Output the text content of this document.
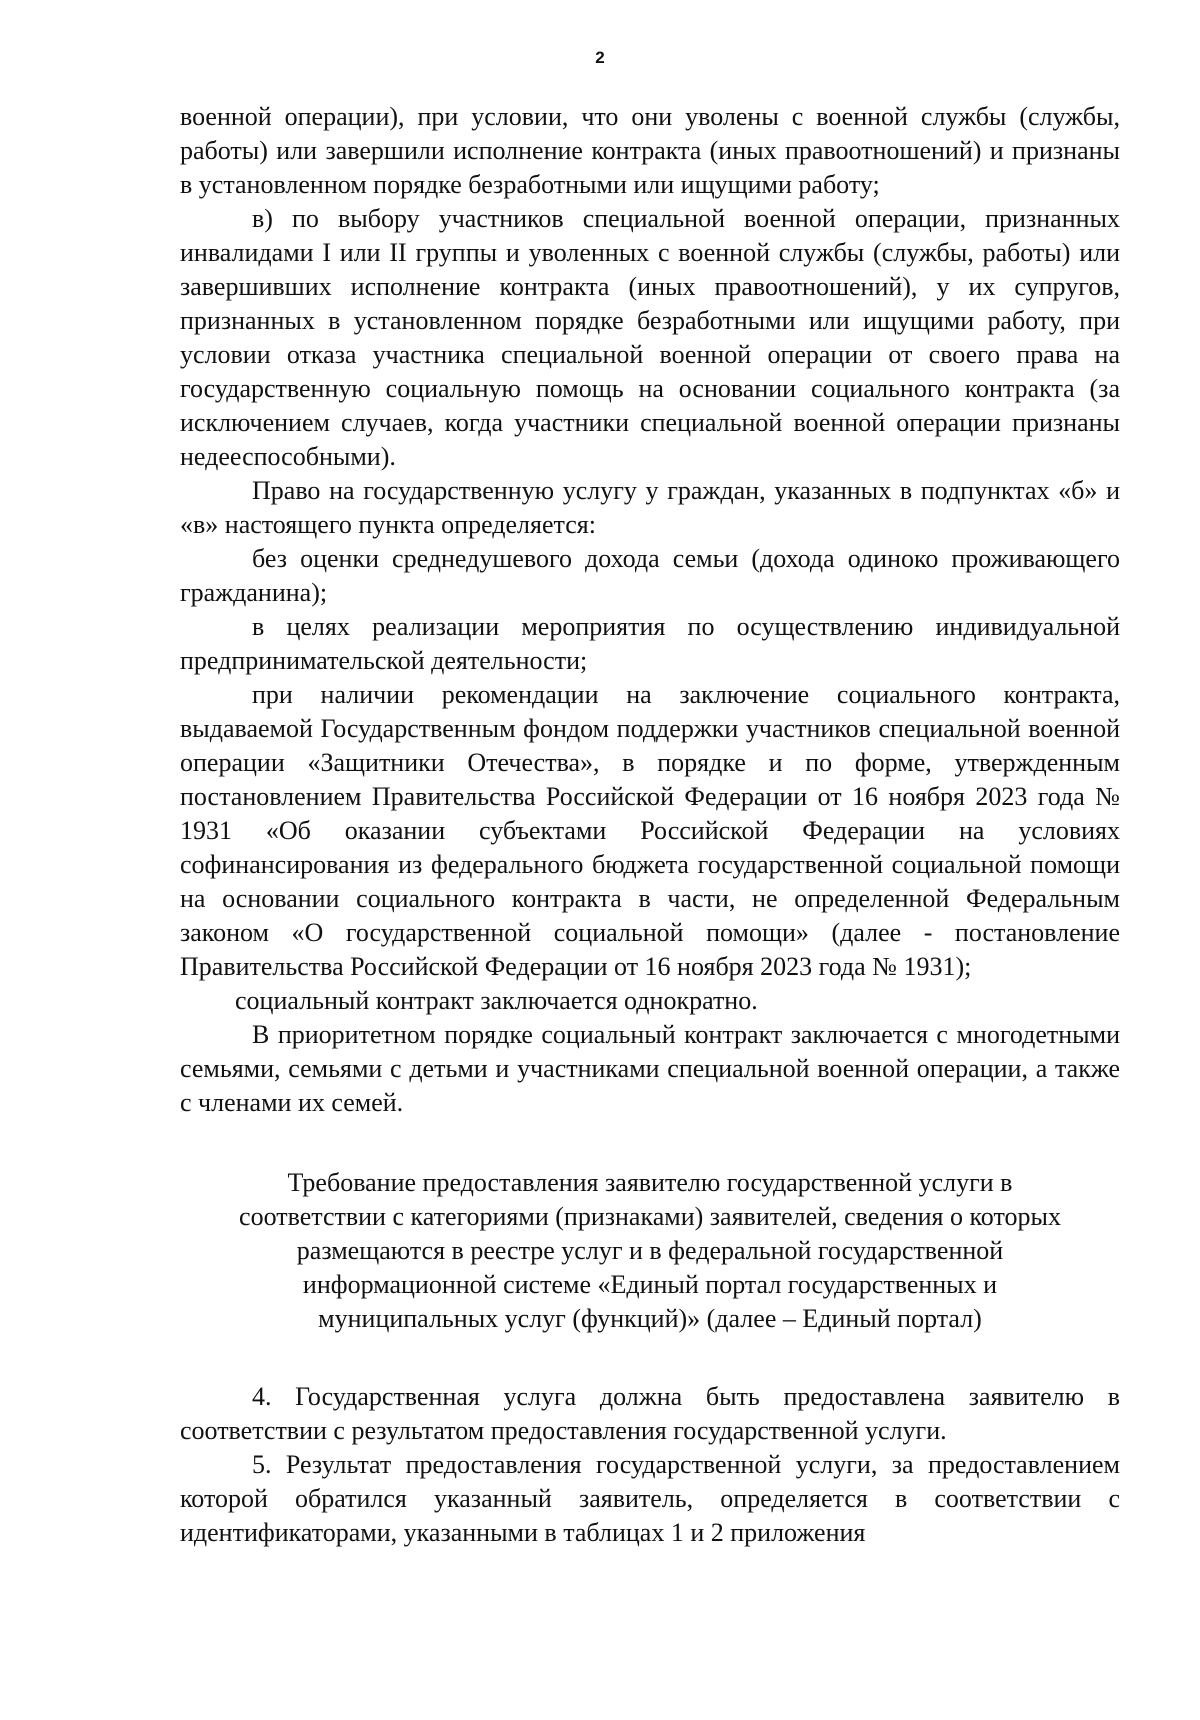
2

военной операции), при условии, что они уволены с военной службы (службы, работы) или завершили исполнение контракта (иных правоотношений) и признаны в установленном порядке безработными или ищущими работу;

в) по выбору участников специальной военной операции, признанных инвалидами I или II группы и уволенных с военной службы (службы, работы) или завершивших исполнение контракта (иных правоотношений), у их супругов, признанных в установленном порядке безработными или ищущими работу, при условии отказа участника специальной военной операции от своего права на государственную социальную помощь на основании социального контракта (за исключением случаев, когда участники специальной военной операции признаны недееспособными).

Право на государственную услугу у граждан, указанных в подпунктах «б» и «в» настоящего пункта определяется:

без оценки среднедушевого дохода семьи (дохода одиноко проживающего гражданина);

в целях реализации мероприятия по осуществлению индивидуальной предпринимательской деятельности;

при наличии рекомендации на заключение социального контракта, выдаваемой Государственным фондом поддержки участников специальной военной операции «Защитники Отечества», в порядке и по форме, утвержденным постановлением Правительства Российской Федерации от 16 ноября 2023 года № 1931 «Об оказании субъектами Российской Федерации на условиях софинансирования из федерального бюджета государственной социальной помощи на основании социального контракта в части, не определенной Федеральным законом «О государственной социальной помощи» (далее - постановление Правительства Российской Федерации от 16 ноября 2023 года № 1931);

социальный контракт заключается однократно.

В приоритетном порядке социальный контракт заключается с многодетными семьями, семьями с детьми и участниками специальной военной операции, а также с членами их семей.

Требование предоставления заявителю государственной услуги в
соответствии с категориями (признаками) заявителей, сведения о которых
размещаются в реестре услуг и в федеральной государственной
информационной системе «Единый портал государственных и
муниципальных услуг (функций)» (далее – Единый портал)

4. Государственная услуга должна быть предоставлена заявителю в соответствии с результатом предоставления государственной услуги.

5. Результат предоставления государственной услуги, за предоставлением которой обратился указанный заявитель, определяется в соответствии с идентификаторами, указанными в таблицах 1 и 2 приложения
